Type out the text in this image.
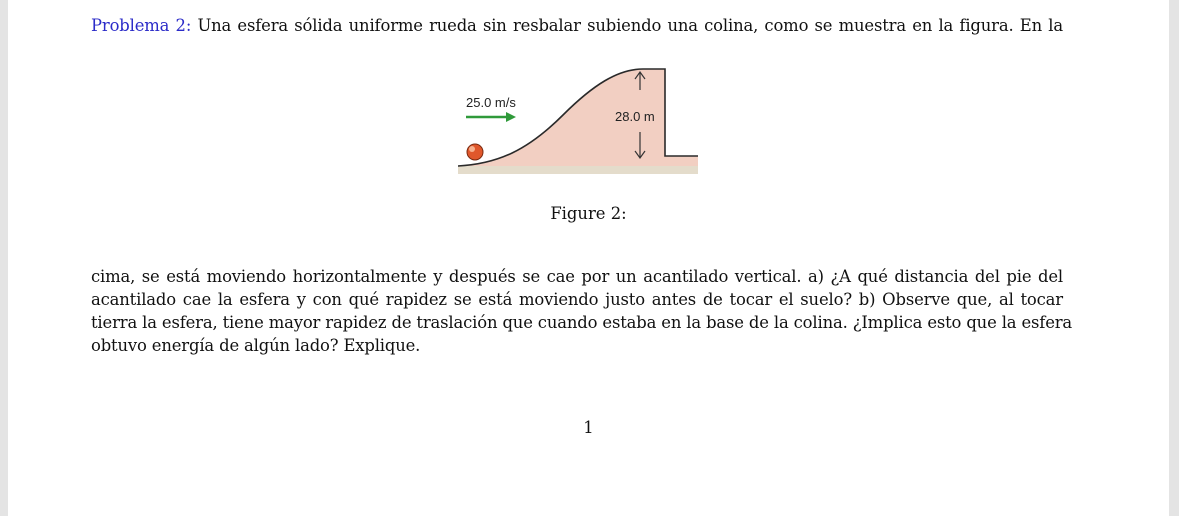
Problema 2: Una esfera sólida uniforme rueda sin resbalar subiendo una colina, como se muestra en la figura. En la

25.0 m/s
28.0 m

Figure 2:

cima, se está moviendo horizontalmente y después se cae por un acantilado vertical. a) ¿A qué distancia del pie del

acantilado cae la esfera y con qué rapidez se está moviendo justo antes de tocar el suelo? b) Observe que, al tocar

tierra la esfera, tiene mayor rapidez de traslación que cuando estaba en la base de la colina. ¿Implica esto que la esfera

obtuvo energía de algún lado? Explique.

1
